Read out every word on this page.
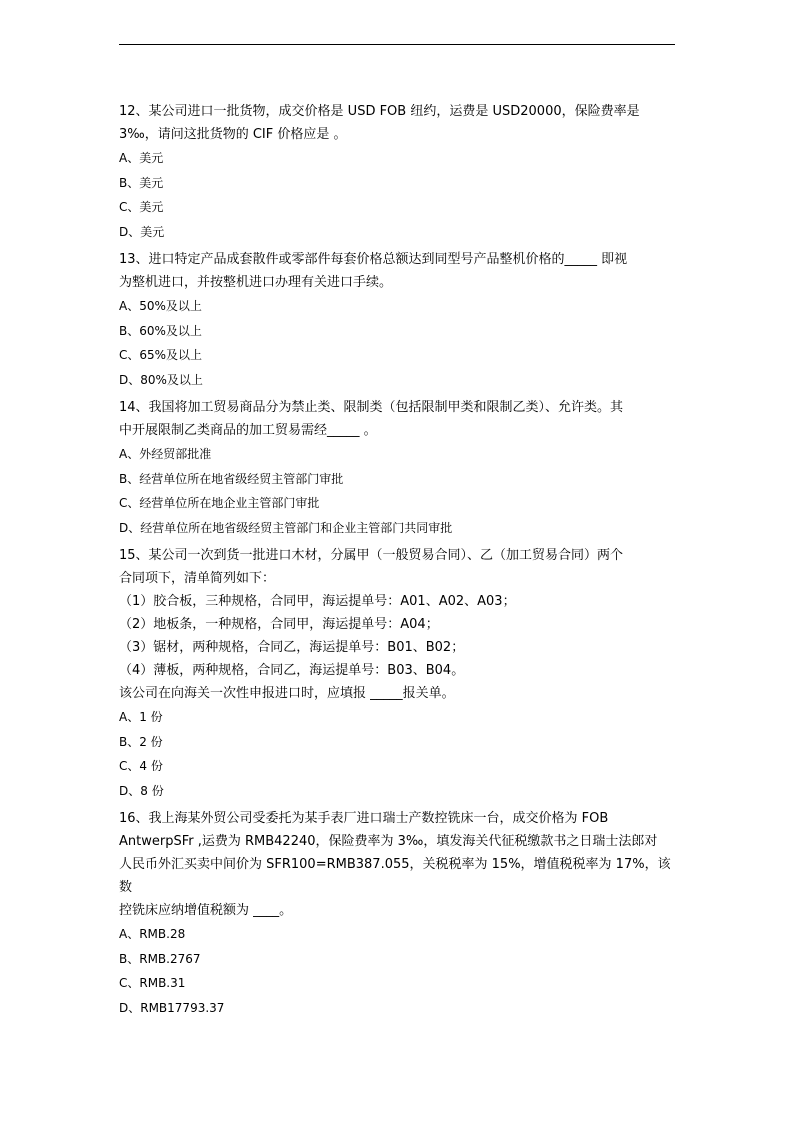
12、某公司进口一批货物，成交价格是 USD FOB 纽约，运费是 USD20000，保险费率是

3‰，请问这批货物的 CIF 价格应是 。

A、美元

B、美元

C、美元

D、美元

13、进口特定产品成套散件或零部件每套价格总额达到同型号产品整机价格的_____ 即视

为整机进口，并按整机进口办理有关进口手续。

A、50%及以上

B、60%及以上

C、65%及以上

D、80%及以上

14、我国将加工贸易商品分为禁止类、限制类（包括限制甲类和限制乙类）、允许类。其

中开展限制乙类商品的加工贸易需经_____ 。

A、外经贸部批准

B、经营单位所在地省级经贸主管部门审批

C、经营单位所在地企业主管部门审批

D、经营单位所在地省级经贸主管部门和企业主管部门共同审批

15、某公司一次到货一批进口木材，分属甲（一般贸易合同）、乙（加工贸易合同）两个

合同项下，清单简列如下：

（1）胶合板，三种规格，合同甲，海运提单号：A01、A02、A03；

（2）地板条，一种规格，合同甲，海运提单号：A04；

（3）锯材，两种规格，合同乙，海运提单号：B01、B02；

（4）薄板，两种规格，合同乙，海运提单号：B03、B04。

该公司在向海关一次性申报进口时，应填报 _____报关单。

A、1 份

B、2 份

C、4 份

D、8 份

16、我上海某外贸公司受委托为某手表厂进口瑞士产数控铣床一台，成交价格为 FOB

AntwerpSFr ,运费为 RMB42240，保险费率为 3‰，填发海关代征税缴款书之日瑞士法郎对

人民币外汇买卖中间价为 SFR100=RMB387.055，关税税率为 15%，增值税税率为 17%，该数

控铣床应纳增值税额为 ____。

A、RMB.28

B、RMB.2767

C、RMB.31

D、RMB17793.37
